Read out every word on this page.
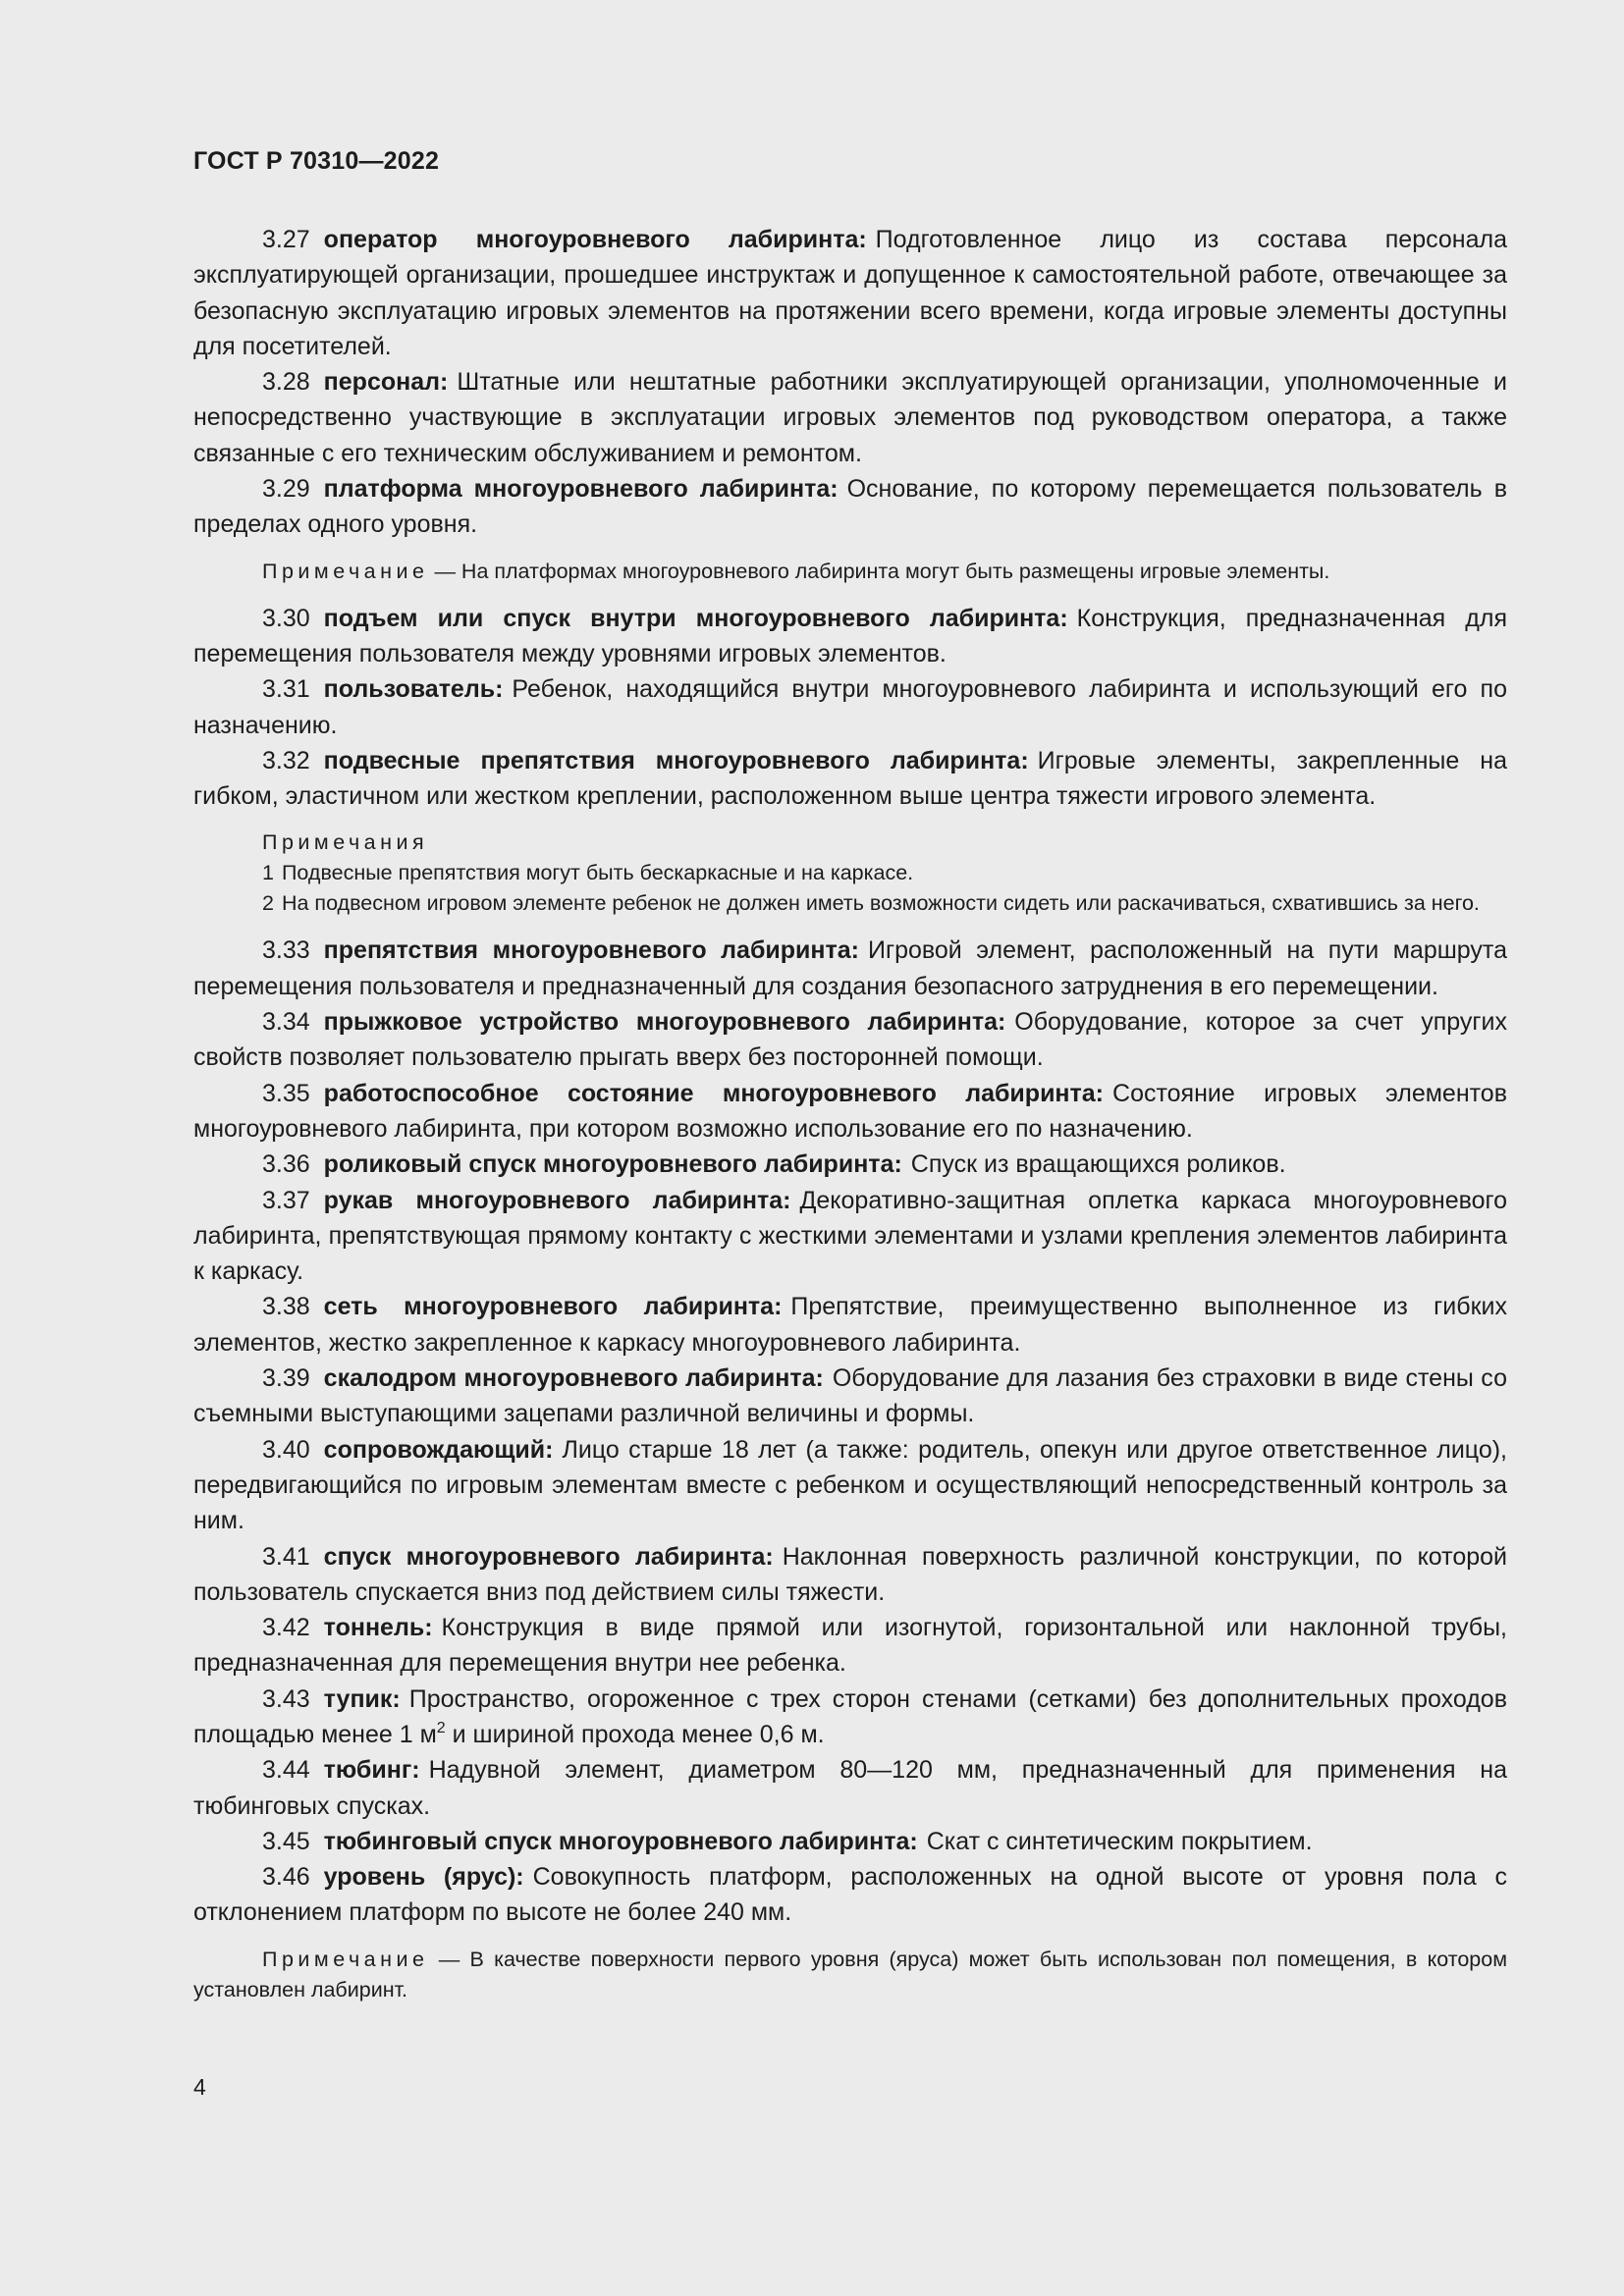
ГОСТ Р 70310—2022

3.27 оператор многоуровневого лабиринта: Подготовленное лицо из состава персонала эксплуатирующей организации, прошедшее инструктаж и допущенное к самостоятельной работе, отвечающее за безопасную эксплуатацию игровых элементов на протяжении всего времени, когда игровые элементы доступны для посетителей.

3.28 персонал: Штатные или нештатные работники эксплуатирующей организации, уполномоченные и непосредственно участвующие в эксплуатации игровых элементов под руководством оператора, а также связанные с его техническим обслуживанием и ремонтом.

3.29 платформа многоуровневого лабиринта: Основание, по которому перемещается пользователь в пределах одного уровня.

Примечание — На платформах многоуровневого лабиринта могут быть размещены игровые элементы.

3.30 подъем или спуск внутри многоуровневого лабиринта: Конструкция, предназначенная для перемещения пользователя между уровнями игровых элементов.

3.31 пользователь: Ребенок, находящийся внутри многоуровневого лабиринта и использующий его по назначению.

3.32 подвесные препятствия многоуровневого лабиринта: Игровые элементы, закрепленные на гибком, эластичном или жестком креплении, расположенном выше центра тяжести игрового элемента.

Примечания

1 Подвесные препятствия могут быть бескаркасные и на каркасе.

2 На подвесном игровом элементе ребенок не должен иметь возможности сидеть или раскачиваться, схватившись за него.

3.33 препятствия многоуровневого лабиринта: Игровой элемент, расположенный на пути маршрута перемещения пользователя и предназначенный для создания безопасного затруднения в его перемещении.

3.34 прыжковое устройство многоуровневого лабиринта: Оборудование, которое за счет упругих свойств позволяет пользователю прыгать вверх без посторонней помощи.

3.35 работоспособное состояние многоуровневого лабиринта: Состояние игровых элементов многоуровневого лабиринта, при котором возможно использование его по назначению.

3.36 роликовый спуск многоуровневого лабиринта: Спуск из вращающихся роликов.

3.37 рукав многоуровневого лабиринта: Декоративно-защитная оплетка каркаса многоуровневого лабиринта, препятствующая прямому контакту с жесткими элементами и узлами крепления элементов лабиринта к каркасу.

3.38 сеть многоуровневого лабиринта: Препятствие, преимущественно выполненное из гибких элементов, жестко закрепленное к каркасу многоуровневого лабиринта.

3.39 скалодром многоуровневого лабиринта: Оборудование для лазания без страховки в виде стены со съемными выступающими зацепами различной величины и формы.

3.40 сопровождающий: Лицо старше 18 лет (а также: родитель, опекун или другое ответственное лицо), передвигающийся по игровым элементам вместе с ребенком и осуществляющий непосредственный контроль за ним.

3.41 спуск многоуровневого лабиринта: Наклонная поверхность различной конструкции, по которой пользователь спускается вниз под действием силы тяжести.

3.42 тоннель: Конструкция в виде прямой или изогнутой, горизонтальной или наклонной трубы, предназначенная для перемещения внутри нее ребенка.

3.43 тупик: Пространство, огороженное с трех сторон стенами (сетками) без дополнительных проходов площадью менее 1 $м^2$ и шириной прохода менее 0,6 м.

3.44 тюбинг: Надувной элемент, диаметром 80—120 мм, предназначенный для применения на тюбинговых спусках.

3.45 тюбинговый спуск многоуровневого лабиринта: Скат с синтетическим покрытием.

3.46 уровень (ярус): Совокупность платформ, расположенных на одной высоте от уровня пола с отклонением платформ по высоте не более 240 мм.

Примечание — В качестве поверхности первого уровня (яруса) может быть использован пол помещения, в котором установлен лабиринт.

4
